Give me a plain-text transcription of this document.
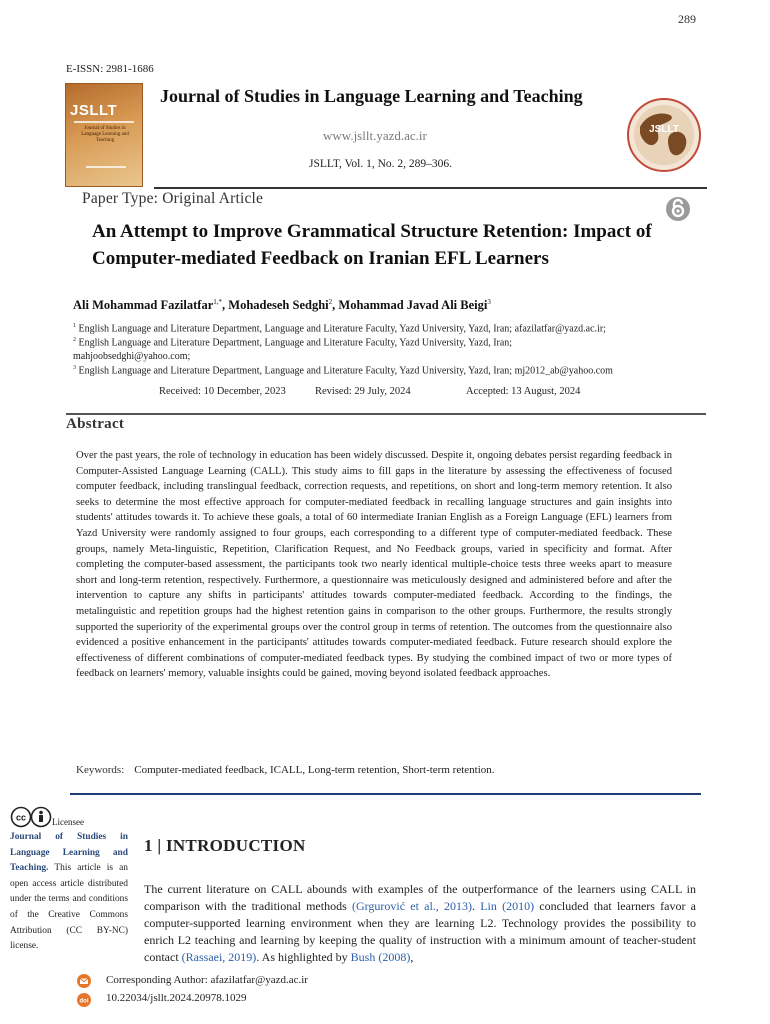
289
E-ISSN: 2981-1686
JSLLT
Journal of Studies in Language Learning and Teaching
Journal of Studies in Language Learning and Teaching
www.jsllt.yazd.ac.ir
JSLLT, Vol. 1, No. 2, 289–306.
JSLLT
Paper Type: Original Article
An Attempt to Improve Grammatical Structure Retention: Impact of Computer-mediated Feedback on Iranian EFL Learners
Ali Mohammad Fazilatfar$^{1,*}$, Mohadeseh Sedghi$^2$, Mohammad Javad Ali Beigi$^3$
$^1$ English Language and Literature Department, Language and Literature Faculty, Yazd University, Yazd, Iran; afazilatfar@yazd.ac.ir;
$^2$ English Language and Literature Department, Language and Literature Faculty, Yazd University, Yazd, Iran;
mahjoobsedghi@yahoo.com;
$^3$ English Language and Literature Department, Language and Literature Faculty, Yazd University, Yazd, Iran; mj2012_ab@yahoo.com
Received: 10 December, 2023	Revised: 29 July, 2024	Accepted: 13 August, 2024
Abstract
Over the past years, the role of technology in education has been widely discussed. Despite it, ongoing debates persist regarding feedback in Computer-Assisted Language Learning (CALL). This study aims to fill gaps in the literature by assessing the effectiveness of focused computer feedback, including translingual feedback, correction requests, and repetitions, on short and long-term memory retention. It also seeks to determine the most effective approach for computer-mediated feedback in recalling language structures and gain insights into students' attitudes towards it. To achieve these goals, a total of 60 intermediate Iranian English as a Foreign Language (EFL) learners from Yazd University were randomly assigned to four groups, each corresponding to a different type of computer-mediated feedback. These groups, namely Meta-linguistic, Repetition, Clarification Request, and No Feedback groups, varied in specificity and format. After completing the computer-based assessment, the participants took two nearly identical multiple-choice tests three weeks apart to measure short and long-term retention, respectively. Furthermore, a questionnaire was meticulously designed and administered before and after the intervention to capture any shifts in participants' attitudes towards computer-mediated feedback. According to the findings, the metalinguistic and repetition groups had the highest retention gains in comparison to the other groups. Furthermore, the results strongly supported the superiority of the experimental groups over the control group in terms of retention. The outcomes from the questionnaire also evidenced a positive enhancement in the participants' attitudes towards computer-mediated feedback. Future research should explore the effectiveness of different combinations of computer-mediated feedback types. By studying the combined impact of two or more types of feedback on learners' memory, valuable insights could be gained, moving beyond isolated feedback approaches.
Keywords: Computer-mediated feedback, ICALL, Long-term retention, Short-term retention.
cc	Licensee
Journal of Studies in Language Learning and Teaching. This article is an open access article distributed under the terms and conditions of the Creative Commons Attribution (CC BY-NC) license.
1 | INTRODUCTION
The current literature on CALL abounds with examples of the outperformance of the learners using CALL in comparison with the traditional methods (Grgurović et al., 2013). Lin (2010) concluded that learners favor a computer-supported learning environment when they are learning L2. Technology provides the possibility to enrich L2 teaching and learning by keeping the quality of instruction with a minimum amount of teacher-student contact (Rassaei, 2019). As highlighted by Bush (2008),
doi
Corresponding Author: afazilatfar@yazd.ac.ir
10.22034/jsllt.2024.20978.1029
